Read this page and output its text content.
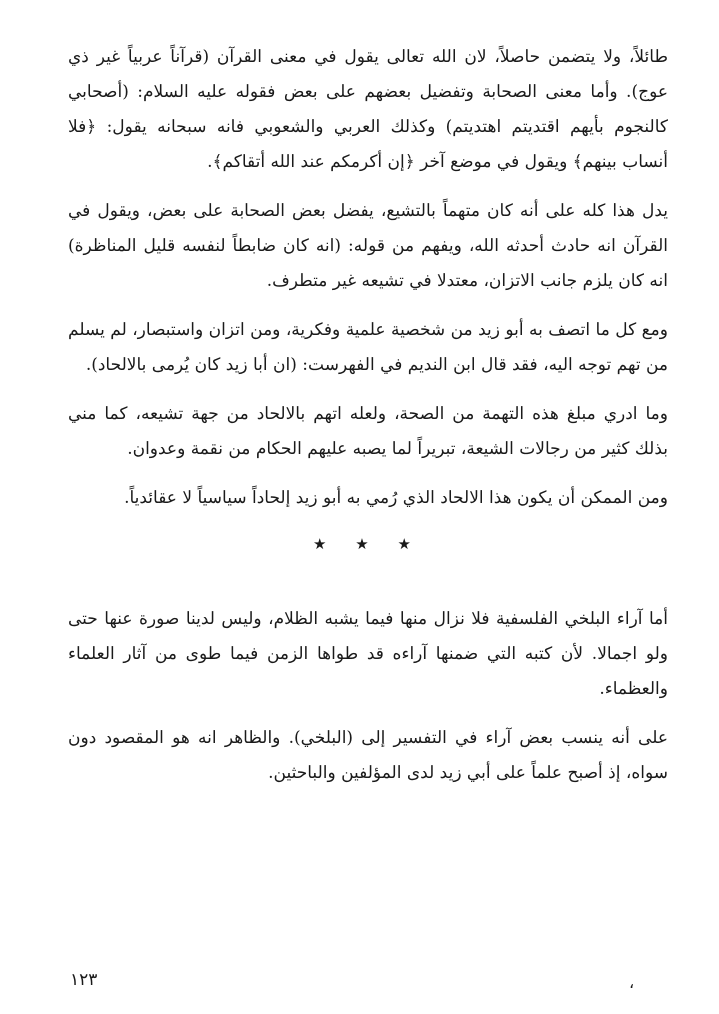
طائلاً، ولا يتضمن حاصلاً، لان الله تعالى يقول في معنى القرآن (قرآناً عربياً غير ذي عوج). وأما معنى الصحابة وتفضيل بعضهم على بعض فقوله عليه السلام: (أصحابي كالنجوم بأيهم اقتديتم اهتديتم) وكذلك العربي والشعوبي فانه سبحانه يقول: ﴿فلا أنساب بينهم﴾ ويقول في موضع آخر ﴿إن أكرمكم عند الله أتقاكم﴾.

يدل هذا كله على أنه كان متهماً بالتشيع، يفضل بعض الصحابة على بعض، ويقول في القرآن انه حادث أحدثه الله، ويفهم من قوله: (انه كان ضابطاً لنفسه قليل المناظرة) انه كان يلزم جانب الاتزان، معتدلا في تشيعه غير متطرف.

ومع كل ما اتصف به أبو زيد من شخصية علمية وفكرية، ومن اتزان واستبصار، لم يسلم من تهم توجه اليه، فقد قال ابن النديم في الفهرست: (ان أبا زيد كان يُرمى بالالحاد).

وما ادري مبلغ هذه التهمة من الصحة، ولعله اتهم بالالحاد من جهة تشيعه، كما مني بذلك كثير من رجالات الشيعة، تبريراً لما يصبه عليهم الحكام من نقمة وعدوان.

ومن الممكن أن يكون هذا الالحاد الذي رُمي به أبو زيد إلحاداً سياسياً لا عقائدياً.

★ ★ ★

أما آراء البلخي الفلسفية فلا نزال منها فيما يشبه الظلام، وليس لدينا صورة عنها حتى ولو اجمالا. لأن كتبه التي ضمنها آراءه قد طواها الزمن فيما طوى من آثار العلماء والعظماء.

على أنه ينسب بعض آراء في التفسير إلى (البلخي). والظاهر انه هو المقصود دون سواه، إذ أصبح علماً على أبي زيد لدى المؤلفين والباحثين.

١٢٣	،
